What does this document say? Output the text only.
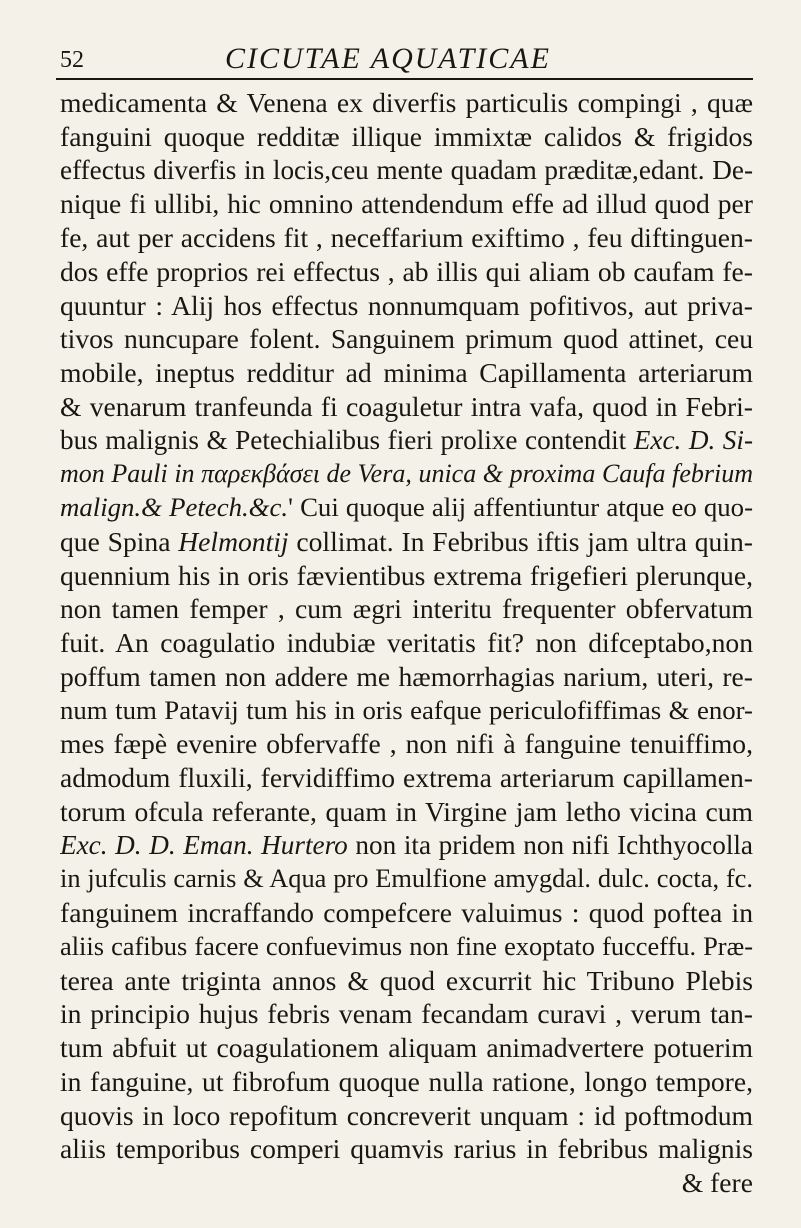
52	CICUTAE AQUATICAE
medicamenta & Venena ex diverfis particulis compingi , quæ
fanguini quoque redditæ illique immixtæ calidos & frigidos
effectus diverfis in locis,ceu mente quadam præditæ,edant. De-
nique fi ullibi, hic omnino attendendum effe ad illud quod per
fe, aut per accidens fit , neceffarium exiftimo , feu diftinguen-
dos effe proprios rei effectus , ab illis qui aliam ob caufam fe-
quuntur : Alij hos effectus nonnumquam pofitivos, aut priva-
tivos nuncupare folent. Sanguinem primum quod attinet, ceu
mobile, ineptus redditur ad minima Capillamenta arteriarum
& venarum tranfeunda fi coaguletur intra vafa, quod in Febri-
bus malignis & Petechialibus fieri prolixe contendit Exc. D. Si-
mon Pauli in παρεκβάσει de Vera, unica & proxima Caufa febrium
malign.& Petech.&c.' Cui quoque alij affentiuntur atque eo quo-
que Spina Helmontij collimat. In Febribus iftis jam ultra quin-
quennium his in oris fævientibus extrema frigefieri plerunque,
non tamen femper , cum ægri interitu frequenter obfervatum
fuit. An coagulatio indubiæ veritatis fit? non difceptabo,non
poffum tamen non addere me hæmorrhagias narium, uteri, re-
num tum Patavij tum his in oris eafque periculofiffimas & enor-
mes fæpè evenire obfervaffe , non nifi à fanguine tenuiffimo,
admodum fluxili, fervidiffimo extrema arteriarum capillamen-
torum ofcula referante, quam in Virgine jam letho vicina cum
Exc. D. D. Eman. Hurtero non ita pridem non nifi Ichthyocolla
in jufculis carnis & Aqua pro Emulfione amygdal. dulc. cocta, fc.
fanguinem incraffando compefcere valuimus : quod poftea in
aliis cafibus facere confuevimus non fine exoptato fucceffu. Præ-
terea ante triginta annos & quod excurrit hic Tribuno Plebis
in principio hujus febris venam fecandam curavi , verum tan-
tum abfuit ut coagulationem aliquam animadvertere potuerim
in fanguine, ut fibrofum quoque nulla ratione, longo tempore,
quovis in loco repofitum concreverit unquam : id poftmodum
aliis temporibus comperi quamvis rarius in febribus malignis
& fere
